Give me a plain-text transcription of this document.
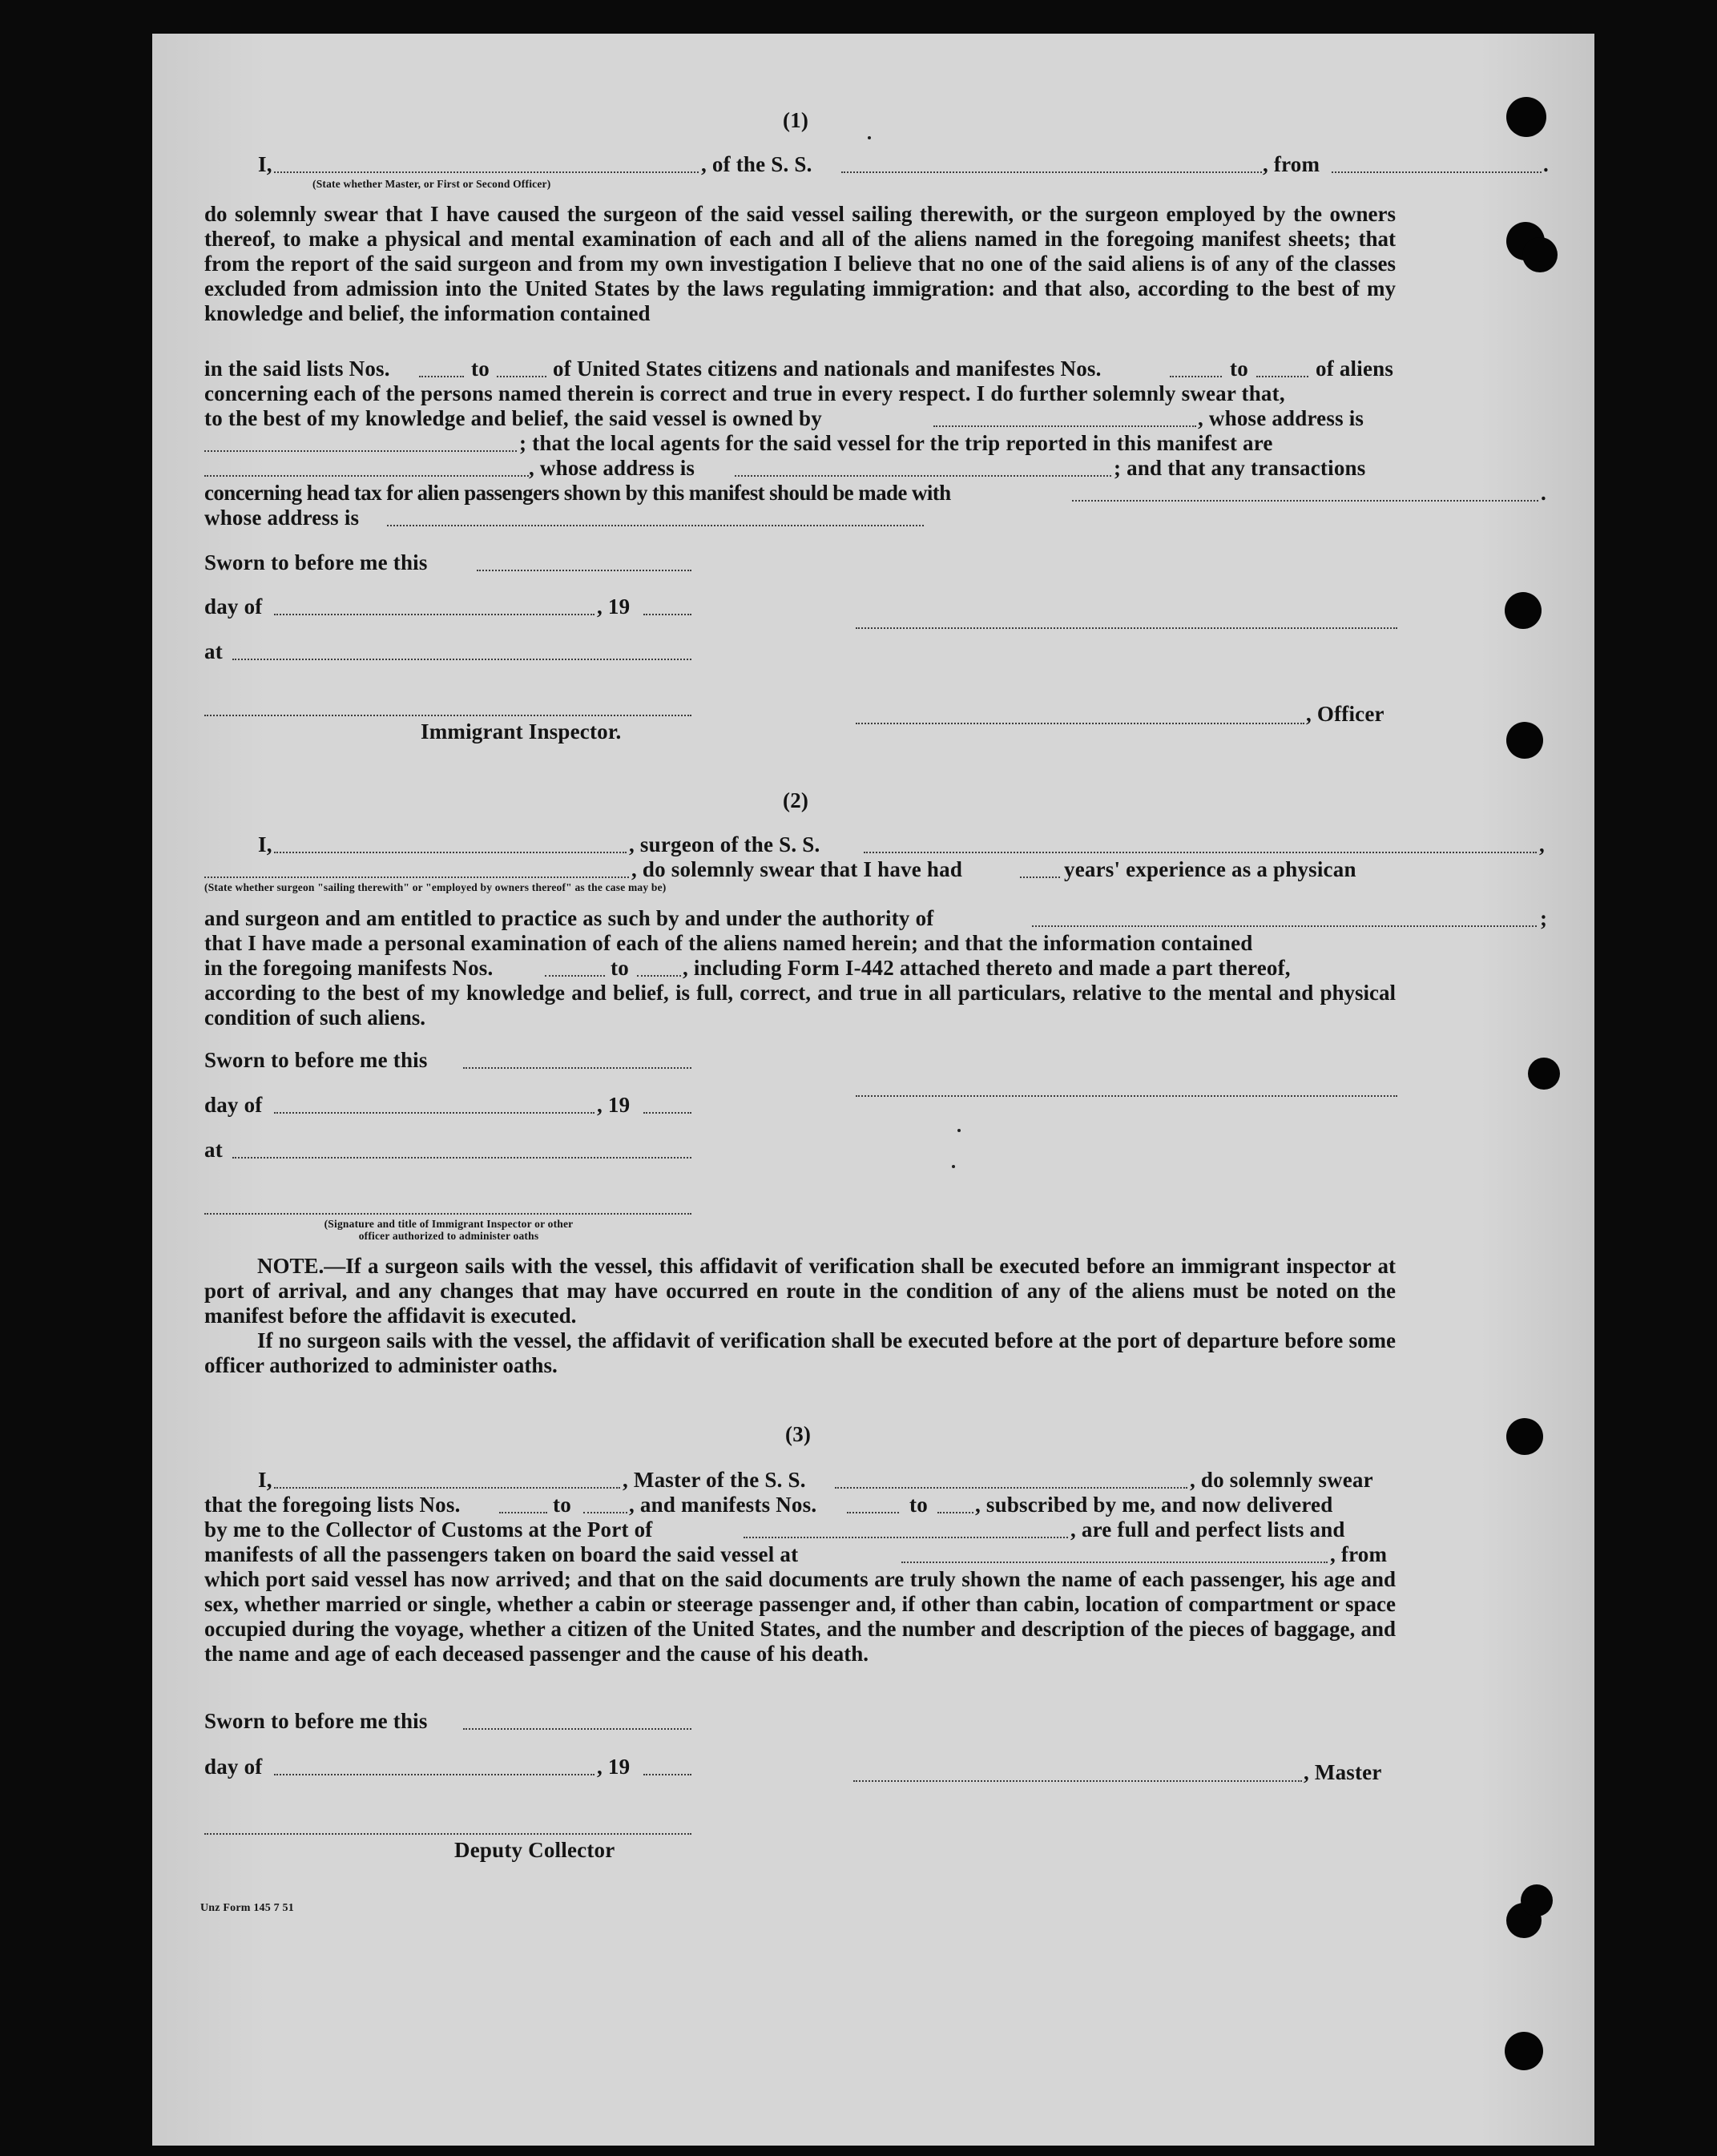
(1)
I,
(State whether Master, or First or Second Officer)
, of the S. S.	, from	.
do solemnly swear that I have caused the surgeon of the said vessel sailing therewith, or the surgeon employed by the owners thereof, to make a physical and mental examination of each and all of the aliens named in the foregoing manifest sheets; that from the report of the said surgeon and from my own investigation I believe that no one of the said aliens is of any of the classes excluded from admission into the United States by the laws regulating immigration: and that also, according to the best of my knowledge and belief, the information contained
in the said lists Nos.	to	of United States citizens and nationals and manifestes Nos.	to	of aliens
concerning each of the persons named therein is correct and true in every respect. I do further solemnly swear that,
to the best of my knowledge and belief, the said vessel is owned by	, whose address is
; that the local agents for the said vessel for the trip reported in this manifest are
, whose address is	; and that any transactions
concerning head tax for alien passengers shown by this manifest should be made with	.
whose address is
Sworn to before me this
day of	, 19
at
, Officer
Immigrant Inspector.
(2)
I,	, surgeon of the S. S.	,
, do solemnly swear that I have had	years' experience as a physican
(State whether surgeon "sailing therewith" or "employed by owners thereof" as the case may be)
and surgeon and am entitled to practice as such by and under the authority of	;
that I have made a personal examination of each of the aliens named herein; and that the information contained
in the foregoing manifests Nos.	to , including Form I-442 attached thereto and made a part thereof,
according to the best of my knowledge and belief, is full, correct, and true in all particulars, relative to the mental and physical condition of such aliens.
Sworn to before me this
day of	, 19
at
(Signature and title of Immigrant Inspector or other
officer authorized to administer oaths

NOTE.—If a surgeon sails with the vessel, this affidavit of verification shall be executed before an immigrant inspector at port of arrival, and any changes that may have occurred en route in the condition of any of the aliens must be noted on the manifest before the affidavit is executed.

If no surgeon sails with the vessel, the affidavit of verification shall be executed before at the port of departure before some officer authorized to administer oaths.

(3)
I,	, Master of the S. S.	, do solemnly swear
that the foregoing lists Nos.	to	, and manifests Nos.	to , subscribed by me, and now delivered
by me to the Collector of Customs at the Port of	, are full and perfect lists and
manifests of all the passengers taken on board the said vessel at	, from
which port said vessel has now arrived; and that on the said documents are truly shown the name of each passenger, his age and sex, whether married or single, whether a cabin or steerage passenger and, if other than cabin, location of compartment or space occupied during the voyage, whether a citizen of the United States, and the number and description of the pieces of baggage, and the name and age of each deceased passenger and the cause of his death.
Sworn to before me this
day of	, 19	, Master
Deputy Collector
Unz Form 145 7 51
